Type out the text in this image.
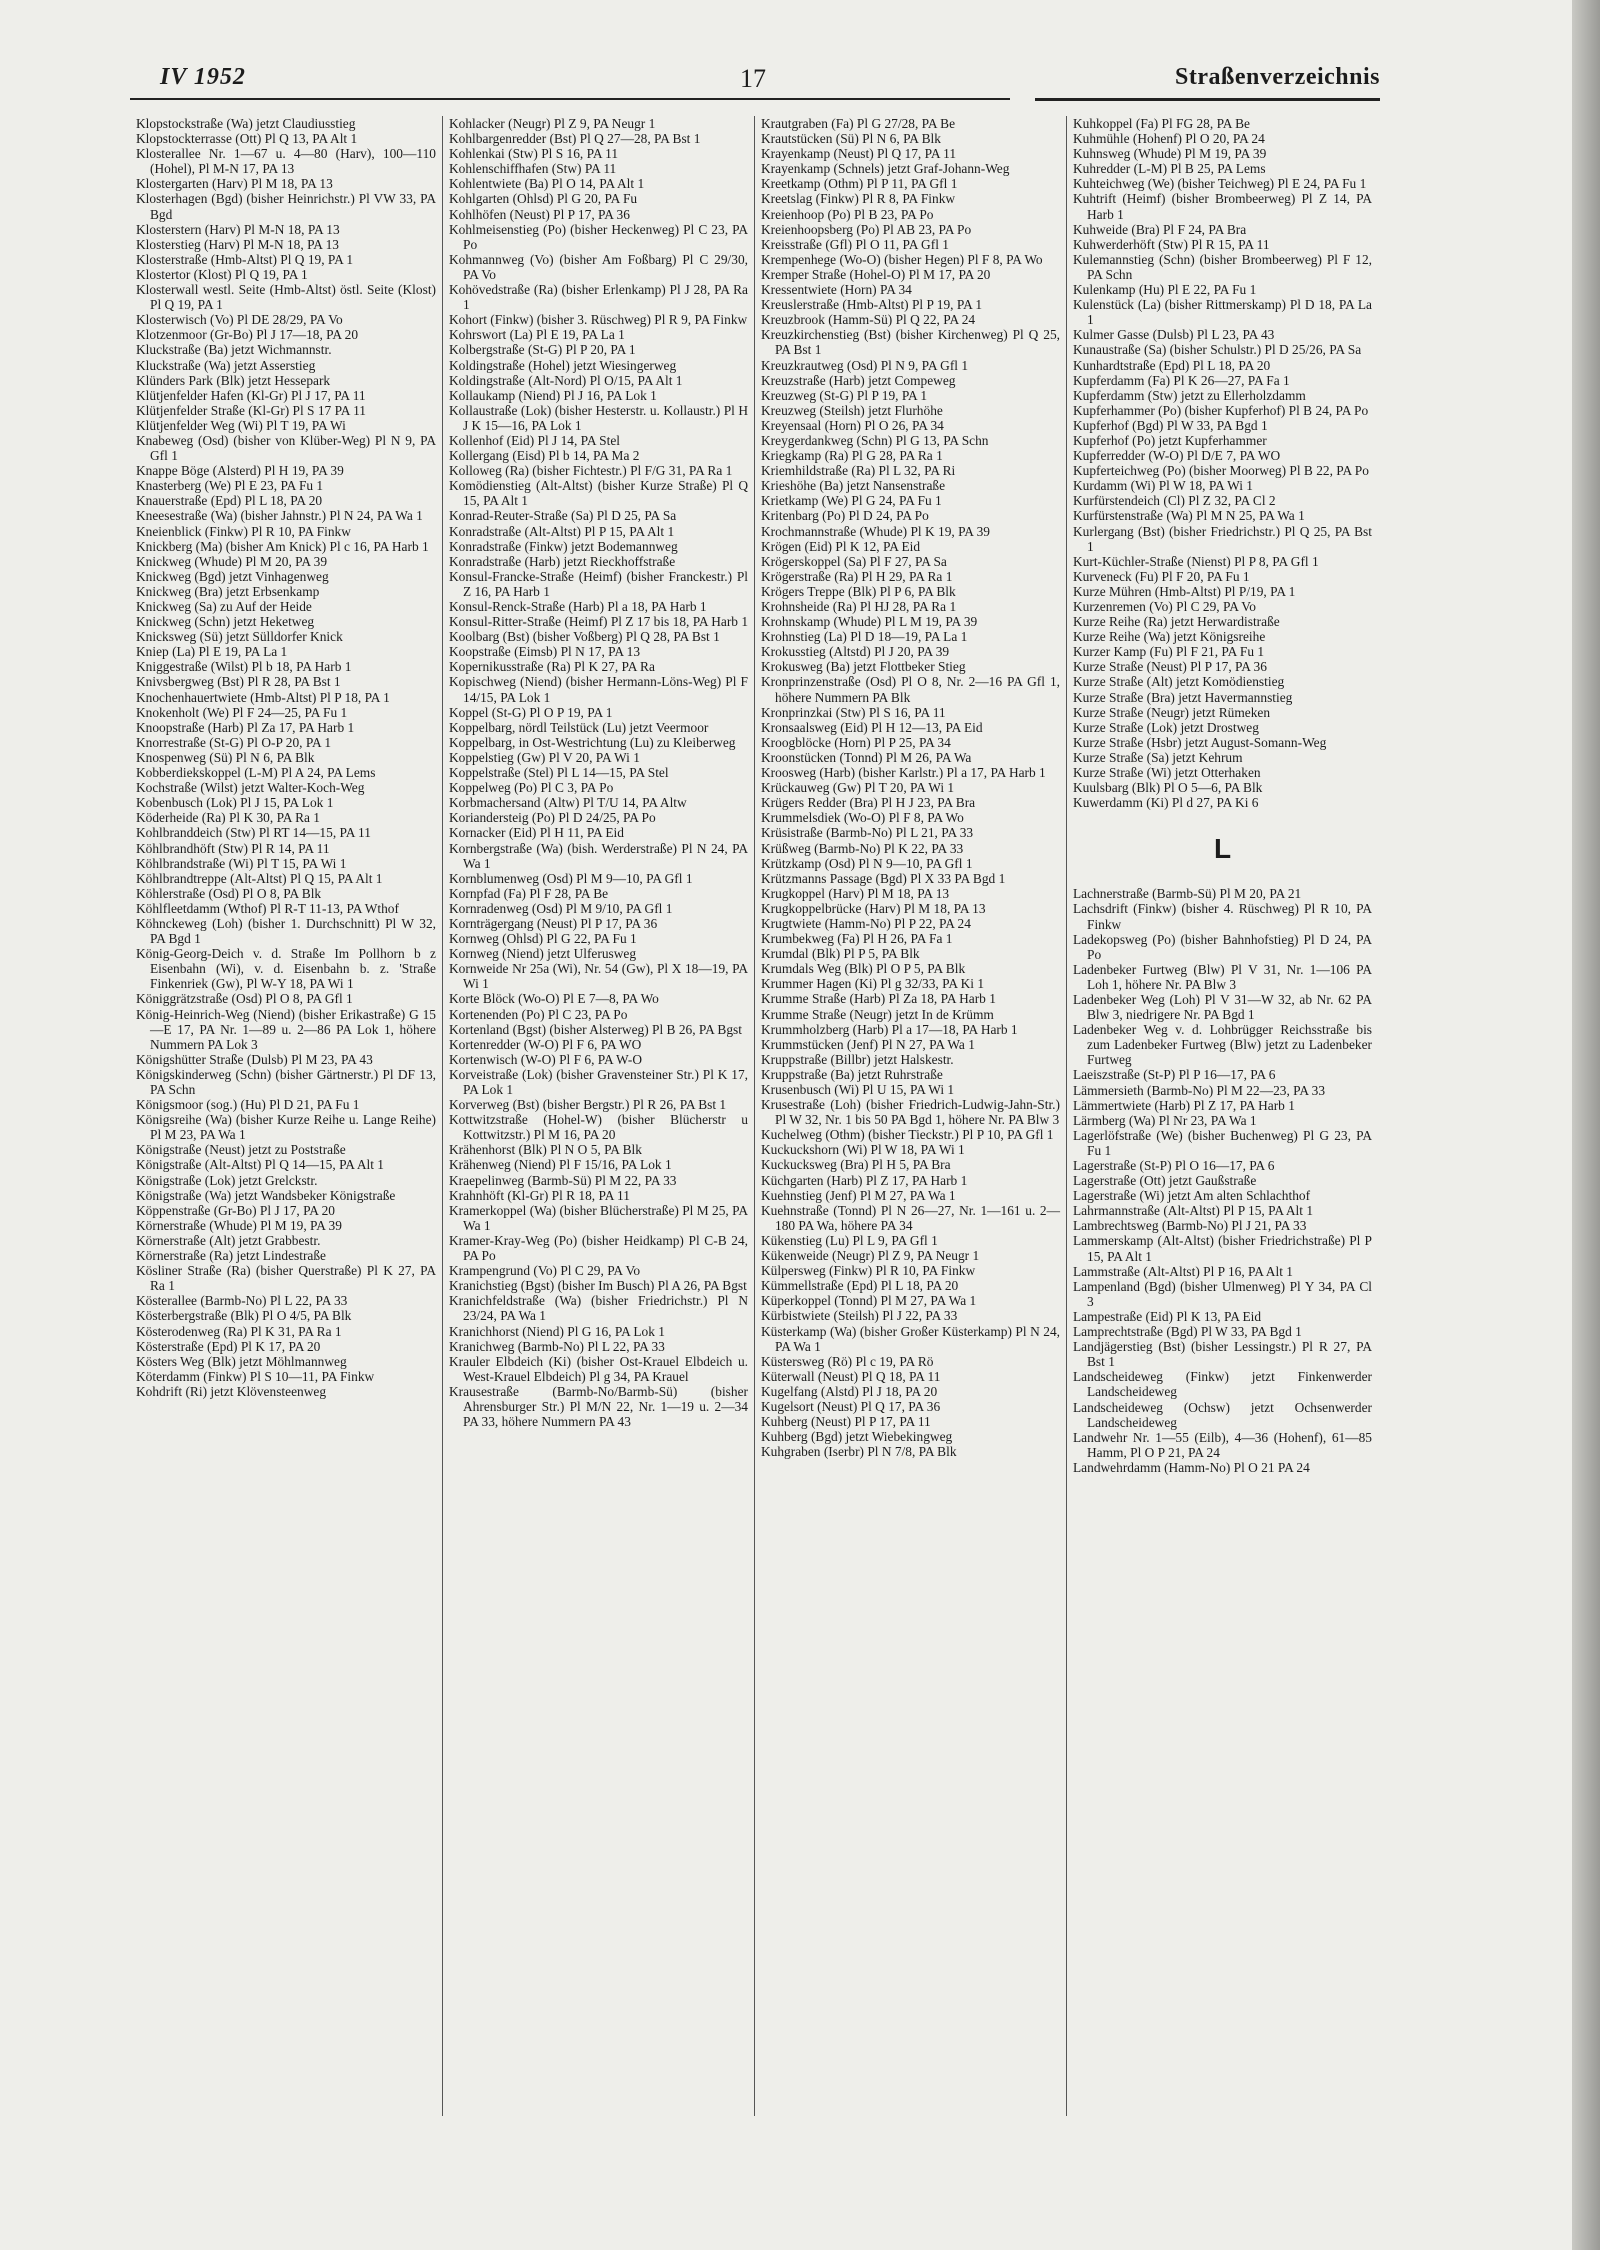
IV 1952	17	Straßenverzeichnis
Klopstockstraße (Wa) jetzt Claudiusstieg
Klopstockterrasse (Ott) Pl Q 13, PA Alt 1
Klosterallee Nr. 1—67 u. 4—80 (Harv), 100—110 (Hohel), Pl M-N 17, PA 13
Klostergarten (Harv) Pl M 18, PA 13
Klosterhagen (Bgd) (bisher Heinrichstr.) Pl VW 33, PA Bgd
Klosterstern (Harv) Pl M-N 18, PA 13
Klosterstieg (Harv) Pl M-N 18, PA 13
Klosterstraße (Hmb-Altst) Pl Q 19, PA 1
Klostertor (Klost) Pl Q 19, PA 1
Klosterwall westl. Seite (Hmb-Altst) östl. Seite (Klost) Pl Q 19, PA 1
Klosterwisch (Vo) Pl DE 28/29, PA Vo
Klotzenmoor (Gr-Bo) Pl J 17—18, PA 20
Kluckstraße (Ba) jetzt Wichmannstr.
Kluckstraße (Wa) jetzt Asserstieg
Klünders Park (Blk) jetzt Hessepark
Klütjenfelder Hafen (Kl-Gr) Pl J 17, PA 11
Klütjenfelder Straße (Kl-Gr) Pl S 17 PA 11
Klütjenfelder Weg (Wi) Pl T 19, PA Wi
Knabeweg (Osd) (bisher von Klüber-Weg) Pl N 9, PA Gfl 1
Knappe Böge (Alsterd) Pl H 19, PA 39
Knasterberg (We) Pl E 23, PA Fu 1
Knauerstraße (Epd) Pl L 18, PA 20
Kneesestraße (Wa) (bisher Jahnstr.) Pl N 24, PA Wa 1
Kneienblick (Finkw) Pl R 10, PA Finkw
Knickberg (Ma) (bisher Am Knick) Pl c 16, PA Harb 1
Knickweg (Whude) Pl M 20, PA 39
Knickweg (Bgd) jetzt Vinhagenweg
Knickweg (Bra) jetzt Erbsenkamp
Knickweg (Sa) zu Auf der Heide
Knickweg (Schn) jetzt Heketweg
Knicksweg (Sü) jetzt Sülldorfer Knick
Kniep (La) Pl E 19, PA La 1
Kniggestraße (Wilst) Pl b 18, PA Harb 1
Knivsbergweg (Bst) Pl R 28, PA Bst 1
Knochenhauertwiete (Hmb-Altst) Pl P 18, PA 1
Knokenholt (We) Pl F 24—25, PA Fu 1
Knoopstraße (Harb) Pl Za 17, PA Harb 1
Knorrestraße (St-G) Pl O-P 20, PA 1
Knospenweg (Sü) Pl N 6, PA Blk
Kobberdiekskoppel (L-M) Pl A 24, PA Lems
Kochstraße (Wilst) jetzt Walter-Koch-Weg
Kobenbusch (Lok) Pl J 15, PA Lok 1
Köderheide (Ra) Pl K 30, PA Ra 1
Kohlbranddeich (Stw) Pl RT 14—15, PA 11
Köhlbrandhöft (Stw) Pl R 14, PA 11
Köhlbrandstraße (Wi) Pl T 15, PA Wi 1
Köhlbrandtreppe (Alt-Altst) Pl Q 15, PA Alt 1
Köhlerstraße (Osd) Pl O 8, PA Blk
Köhlfleetdamm (Wthof) Pl R-T 11-13, PA Wthof
Köhnckeweg (Loh) (bisher 1. Durchschnitt) Pl W 32, PA Bgd 1
König-Georg-Deich v. d. Straße Im Pollhorn b z Eisenbahn (Wi), v. d. Eisenbahn b. z. 'Straße Finkenriek (Gw), Pl W-Y 18, PA Wi 1
Königgrätzstraße (Osd) Pl O 8, PA Gfl 1
König-Heinrich-Weg (Niend) (bisher Erikastraße) G 15—E 17, PA Nr. 1—89 u. 2—86 PA Lok 1, höhere Nummern PA Lok 3
Königshütter Straße (Dulsb) Pl M 23, PA 43
Königskinderweg (Schn) (bisher Gärtnerstr.) Pl DF 13, PA Schn
Königsmoor (sog.) (Hu) Pl D 21, PA Fu 1
Königsreihe (Wa) (bisher Kurze Reihe u. Lange Reihe) Pl M 23, PA Wa 1
Königstraße (Neust) jetzt zu Poststraße
Königstraße (Alt-Altst) Pl Q 14—15, PA Alt 1
Königstraße (Lok) jetzt Grelckstr.
Königstraße (Wa) jetzt Wandsbeker Königstraße
Köppenstraße (Gr-Bo) Pl J 17, PA 20
Körnerstraße (Whude) Pl M 19, PA 39
Körnerstraße (Alt) jetzt Grabbestr.
Körnerstraße (Ra) jetzt Lindestraße
Kösliner Straße (Ra) (bisher Querstraße) Pl K 27, PA Ra 1
Kösterallee (Barmb-No) Pl L 22, PA 33
Kösterbergstraße (Blk) Pl O 4/5, PA Blk
Kösterodenweg (Ra) Pl K 31, PA Ra 1
Kösterstraße (Epd) Pl K 17, PA 20
Kösters Weg (Blk) jetzt Möhlmannweg
Köterdamm (Finkw) Pl S 10—11, PA Finkw
Kohdrift (Ri) jetzt Klövensteenweg
Kohlacker (Neugr) Pl Z 9, PA Neugr 1
Kohlbargenredder (Bst) Pl Q 27—28, PA Bst 1
Kohlenkai (Stw) Pl S 16, PA 11
Kohlenschiffhafen (Stw) PA 11
Kohlentwiete (Ba) Pl O 14, PA Alt 1
Kohlgarten (Ohlsd) Pl G 20, PA Fu
Kohlhöfen (Neust) Pl P 17, PA 36
Kohlmeisenstieg (Po) (bisher Heckenweg) Pl C 23, PA Po
Kohmannweg (Vo) (bisher Am Foßbarg) Pl C 29/30, PA Vo
Kohövedstraße (Ra) (bisher Erlenkamp) Pl J 28, PA Ra 1
Kohort (Finkw) (bisher 3. Rüschweg) Pl R 9, PA Finkw
Kohrswort (La) Pl E 19, PA La 1
Kolbergstraße (St-G) Pl P 20, PA 1
Koldingstraße (Hohel) jetzt Wiesingerweg
Koldingstraße (Alt-Nord) Pl O/15, PA Alt 1
Kollaukamp (Niend) Pl J 16, PA Lok 1
Kollaustraße (Lok) (bisher Hesterstr. u. Kollaustr.) Pl H J K 15—16, PA Lok 1
Kollenhof (Eid) Pl J 14, PA Stel
Kollergang (Eisd) Pl b 14, PA Ma 2
Kolloweg (Ra) (bisher Fichtestr.) Pl F/G 31, PA Ra 1
Komödienstieg (Alt-Altst) (bisher Kurze Straße) Pl Q 15, PA Alt 1
Konrad-Reuter-Straße (Sa) Pl D 25, PA Sa
Konradstraße (Alt-Altst) Pl P 15, PA Alt 1
Konradstraße (Finkw) jetzt Bodemannweg
Konradstraße (Harb) jetzt Rieckhoffstraße
Konsul-Francke-Straße (Heimf) (bisher Franckestr.) Pl Z 16, PA Harb 1
Konsul-Renck-Straße (Harb) Pl a 18, PA Harb 1
Konsul-Ritter-Straße (Heimf) Pl Z 17 bis 18, PA Harb 1
Koolbarg (Bst) (bisher Voßberg) Pl Q 28, PA Bst 1
Koopstraße (Eimsb) Pl N 17, PA 13
Kopernikusstraße (Ra) Pl K 27, PA Ra
Kopischweg (Niend) (bisher Hermann-Löns-Weg) Pl F 14/15, PA Lok 1
Koppel (St-G) Pl O P 19, PA 1
Koppelbarg, nördl Teilstück (Lu) jetzt Veermoor
Koppelbarg, in Ost-Westrichtung (Lu) zu Kleiberweg
Koppelstieg (Gw) Pl V 20, PA Wi 1
Koppelstraße (Stel) Pl L 14—15, PA Stel
Koppelweg (Po) Pl C 3, PA Po
Korbmachersand (Altw) Pl T/U 14, PA Altw
Koriandersteig (Po) Pl D 24/25, PA Po
Kornacker (Eid) Pl H 11, PA Eid
Kornbergstraße (Wa) (bish. Werderstraße) Pl N 24, PA Wa 1
Kornblumenweg (Osd) Pl M 9—10, PA Gfl 1
Kornpfad (Fa) Pl F 28, PA Be
Kornradenweg (Osd) Pl M 9/10, PA Gfl 1
Kornträgergang (Neust) Pl P 17, PA 36
Kornweg (Ohlsd) Pl G 22, PA Fu 1
Kornweg (Niend) jetzt Ulferusweg
Kornweide Nr 25a (Wi), Nr. 54 (Gw), Pl X 18—19, PA Wi 1
Korte Blöck (Wo-O) Pl E 7—8, PA Wo
Kortenenden (Po) Pl C 23, PA Po
Kortenland (Bgst) (bisher Alsterweg) Pl B 26, PA Bgst
Kortenredder (W-O) Pl F 6, PA WO
Kortenwisch (W-O) Pl F 6, PA W-O
Korveistraße (Lok) (bisher Gravensteiner Str.) Pl K 17, PA Lok 1
Korverweg (Bst) (bisher Bergstr.) Pl R 26, PA Bst 1
Kottwitzstraße (Hohel-W) (bisher Blücherstr u Kottwitzstr.) Pl M 16, PA 20
Krähenhorst (Blk) Pl N O 5, PA Blk
Krähenweg (Niend) Pl F 15/16, PA Lok 1
Kraepelinweg (Barmb-Sü) Pl M 22, PA 33
Krahnhöft (Kl-Gr) Pl R 18, PA 11
Kramerkoppel (Wa) (bisher Blücherstraße) Pl M 25, PA Wa 1
Kramer-Kray-Weg (Po) (bisher Heidkamp) Pl C-B 24, PA Po
Krampengrund (Vo) Pl C 29, PA Vo
Kranichstieg (Bgst) (bisher Im Busch) Pl A 26, PA Bgst
Kranichfeldstraße (Wa) (bisher Friedrichstr.) Pl N 23/24, PA Wa 1
Kranichhorst (Niend) Pl G 16, PA Lok 1
Kranichweg (Barmb-No) Pl L 22, PA 33
Krauler Elbdeich (Ki) (bisher Ost-Krauel Elbdeich u. West-Krauel Elbdeich) Pl g 34, PA Krauel
Krausestraße (Barmb-No/Barmb-Sü) (bisher Ahrensburger Str.) Pl M/N 22, Nr. 1—19 u. 2—34 PA 33, höhere Nummern PA 43
Krautgraben (Fa) Pl G 27/28, PA Be
Krautstücken (Sü) Pl N 6, PA Blk
Krayenkamp (Neust) Pl Q 17, PA 11
Krayenkamp (Schnels) jetzt Graf-Johann-Weg
Kreetkamp (Othm) Pl P 11, PA Gfl 1
Kreetslag (Finkw) Pl R 8, PA Finkw
Kreienhoop (Po) Pl B 23, PA Po
Kreienhoopsberg (Po) Pl AB 23, PA Po
Kreisstraße (Gfl) Pl O 11, PA Gfl 1
Krempenhege (Wo-O) (bisher Hegen) Pl F 8, PA Wo
Kremper Straße (Hohel-O) Pl M 17, PA 20
Kressentwiete (Horn) PA 34
Kreuslerstraße (Hmb-Altst) Pl P 19, PA 1
Kreuzbrook (Hamm-Sü) Pl Q 22, PA 24
Kreuzkirchenstieg (Bst) (bisher Kirchenweg) Pl Q 25, PA Bst 1
Kreuzkrautweg (Osd) Pl N 9, PA Gfl 1
Kreuzstraße (Harb) jetzt Compeweg
Kreuzweg (St-G) Pl P 19, PA 1
Kreuzweg (Steilsh) jetzt Flurhöhe
Kreyensaal (Horn) Pl O 26, PA 34
Kreygerdankweg (Schn) Pl G 13, PA Schn
Kriegkamp (Ra) Pl G 28, PA Ra 1
Kriemhildstraße (Ra) Pl L 32, PA Ri
Krieshöhe (Ba) jetzt Nansenstraße
Krietkamp (We) Pl G 24, PA Fu 1
Kritenbarg (Po) Pl D 24, PA Po
Krochmannstraße (Whude) Pl K 19, PA 39
Krögen (Eid) Pl K 12, PA Eid
Krögerskoppel (Sa) Pl F 27, PA Sa
Krögerstraße (Ra) Pl H 29, PA Ra 1
Krögers Treppe (Blk) Pl P 6, PA Blk
Krohnsheide (Ra) Pl HJ 28, PA Ra 1
Krohnskamp (Whude) Pl L M 19, PA 39
Krohnstieg (La) Pl D 18—19, PA La 1
Krokusstieg (Altstd) Pl J 20, PA 39
Krokusweg (Ba) jetzt Flottbeker Stieg
Kronprinzenstraße (Osd) Pl O 8, Nr. 2—16 PA Gfl 1, höhere Nummern PA Blk
Kronprinzkai (Stw) Pl S 16, PA 11
Kronsaalsweg (Eid) Pl H 12—13, PA Eid
Kroogblöcke (Horn) Pl P 25, PA 34
Kroonstücken (Tonnd) Pl M 26, PA Wa
Kroosweg (Harb) (bisher Karlstr.) Pl a 17, PA Harb 1
Krückauweg (Gw) Pl T 20, PA Wi 1
Krügers Redder (Bra) Pl H J 23, PA Bra
Krummelsdiek (Wo-O) Pl F 8, PA Wo
Krüsistraße (Barmb-No) Pl L 21, PA 33
Krüßweg (Barmb-No) Pl K 22, PA 33
Krützkamp (Osd) Pl N 9—10, PA Gfl 1
Krützmanns Passage (Bgd) Pl X 33 PA Bgd 1
Krugkoppel (Harv) Pl M 18, PA 13
Krugkoppelbrücke (Harv) Pl M 18, PA 13
Krugtwiete (Hamm-No) Pl P 22, PA 24
Krumbekweg (Fa) Pl H 26, PA Fa 1
Krumdal (Blk) Pl P 5, PA Blk
Krumdals Weg (Blk) Pl O P 5, PA Blk
Krummer Hagen (Ki) Pl g 32/33, PA Ki 1
Krumme Straße (Harb) Pl Za 18, PA Harb 1
Krumme Straße (Neugr) jetzt In de Krümm
Krummholzberg (Harb) Pl a 17—18, PA Harb 1
Krummstücken (Jenf) Pl N 27, PA Wa 1
Kruppstraße (Billbr) jetzt Halskestr.
Kruppstraße (Ba) jetzt Ruhrstraße
Krusenbusch (Wi) Pl U 15, PA Wi 1
Krusestraße (Loh) (bisher Friedrich-Ludwig-Jahn-Str.) Pl W 32, Nr. 1 bis 50 PA Bgd 1, höhere Nr. PA Blw 3
Kuchelweg (Othm) (bisher Tieckstr.) Pl P 10, PA Gfl 1
Kuckuckshorn (Wi) Pl W 18, PA Wi 1
Kuckucksweg (Bra) Pl H 5, PA Bra
Küchgarten (Harb) Pl Z 17, PA Harb 1
Kuehnstieg (Jenf) Pl M 27, PA Wa 1
Kuehnstraße (Tonnd) Pl N 26—27, Nr. 1—161 u. 2—180 PA Wa, höhere PA 34
Kükenstieg (Lu) Pl L 9, PA Gfl 1
Kükenweide (Neugr) Pl Z 9, PA Neugr 1
Külpersweg (Finkw) Pl R 10, PA Finkw
Kümmellstraße (Epd) Pl L 18, PA 20
Küperkoppel (Tonnd) Pl M 27, PA Wa 1
Kürbistwiete (Steilsh) Pl J 22, PA 33
Küsterkamp (Wa) (bisher Großer Küsterkamp) Pl N 24, PA Wa 1
Küstersweg (Rö) Pl c 19, PA Rö
Küterwall (Neust) Pl Q 18, PA 11
Kugelfang (Alstd) Pl J 18, PA 20
Kugelsort (Neust) Pl Q 17, PA 36
Kuhberg (Neust) Pl P 17, PA 11
Kuhberg (Bgd) jetzt Wiebekingweg
Kuhgraben (Iserbr) Pl N 7/8, PA Blk
Kuhkoppel (Fa) Pl FG 28, PA Be
Kuhmühle (Hohenf) Pl O 20, PA 24
Kuhnsweg (Whude) Pl M 19, PA 39
Kuhredder (L-M) Pl B 25, PA Lems
Kuhteichweg (We) (bisher Teichweg) Pl E 24, PA Fu 1
Kuhtrift (Heimf) (bisher Brombeerweg) Pl Z 14, PA Harb 1
Kuhweide (Bra) Pl F 24, PA Bra
Kuhwerderhöft (Stw) Pl R 15, PA 11
Kulemannstieg (Schn) (bisher Brombeerweg) Pl F 12, PA Schn
Kulenkamp (Hu) Pl E 22, PA Fu 1
Kulenstück (La) (bisher Rittmerskamp) Pl D 18, PA La 1
Kulmer Gasse (Dulsb) Pl L 23, PA 43
Kunaustraße (Sa) (bisher Schulstr.) Pl D 25/26, PA Sa
Kunhardtstraße (Epd) Pl L 18, PA 20
Kupferdamm (Fa) Pl K 26—27, PA Fa 1
Kupferdamm (Stw) jetzt zu Ellerholzdamm
Kupferhammer (Po) (bisher Kupferhof) Pl B 24, PA Po
Kupferhof (Bgd) Pl W 33, PA Bgd 1
Kupferhof (Po) jetzt Kupferhammer
Kupferredder (W-O) Pl D/E 7, PA WO
Kupferteichweg (Po) (bisher Moorweg) Pl B 22, PA Po
Kurdamm (Wi) Pl W 18, PA Wi 1
Kurfürstendeich (Cl) Pl Z 32, PA Cl 2
Kurfürstenstraße (Wa) Pl M N 25, PA Wa 1
Kurlergang (Bst) (bisher Friedrichstr.) Pl Q 25, PA Bst 1
Kurt-Küchler-Straße (Nienst) Pl P 8, PA Gfl 1
Kurveneck (Fu) Pl F 20, PA Fu 1
Kurze Mühren (Hmb-Altst) Pl P/19, PA 1
Kurzenremen (Vo) Pl C 29, PA Vo
Kurze Reihe (Ra) jetzt Herwardistraße
Kurze Reihe (Wa) jetzt Königsreihe
Kurzer Kamp (Fu) Pl F 21, PA Fu 1
Kurze Straße (Neust) Pl P 17, PA 36
Kurze Straße (Alt) jetzt Komödienstieg
Kurze Straße (Bra) jetzt Havermannstieg
Kurze Straße (Neugr) jetzt Rümeken
Kurze Straße (Lok) jetzt Drostweg
Kurze Straße (Hsbr) jetzt August-Somann-Weg
Kurze Straße (Sa) jetzt Kehrum
Kurze Straße (Wi) jetzt Otterhaken
Kuulsbarg (Blk) Pl O 5—6, PA Blk
Kuwerdamm (Ki) Pl d 27, PA Ki 6
L
Lachnerstraße (Barmb-Sü) Pl M 20, PA 21
Lachsdrift (Finkw) (bisher 4. Rüschweg) Pl R 10, PA Finkw
Ladekopsweg (Po) (bisher Bahnhofstieg) Pl D 24, PA Po
Ladenbeker Furtweg (Blw) Pl V 31, Nr. 1—106 PA Loh 1, höhere Nr. PA Blw 3
Ladenbeker Weg (Loh) Pl V 31—W 32, ab Nr. 62 PA Blw 3, niedrigere Nr. PA Bgd 1
Ladenbeker Weg v. d. Lohbrügger Reichsstraße bis zum Ladenbeker Furtweg (Blw) jetzt zu Ladenbeker Furtweg
Laeiszstraße (St-P) Pl P 16—17, PA 6
Lämmersieth (Barmb-No) Pl M 22—23, PA 33
Lämmertwiete (Harb) Pl Z 17, PA Harb 1
Lärmberg (Wa) Pl Nr 23, PA Wa 1
Lagerlöfstraße (We) (bisher Buchenweg) Pl G 23, PA Fu 1
Lagerstraße (St-P) Pl O 16—17, PA 6
Lagerstraße (Ott) jetzt Gaußstraße
Lagerstraße (Wi) jetzt Am alten Schlachthof
Lahrmannstraße (Alt-Altst) Pl P 15, PA Alt 1
Lambrechtsweg (Barmb-No) Pl J 21, PA 33
Lammerskamp (Alt-Altst) (bisher Friedrichstraße) Pl P 15, PA Alt 1
Lammstraße (Alt-Altst) Pl P 16, PA Alt 1
Lampenland (Bgd) (bisher Ulmenweg) Pl Y 34, PA Cl 3
Lampestraße (Eid) Pl K 13, PA Eid
Lamprechtstraße (Bgd) Pl W 33, PA Bgd 1
Landjägerstieg (Bst) (bisher Lessingstr.) Pl R 27, PA Bst 1
Landscheideweg (Finkw) jetzt Finkenwerder Landscheideweg
Landscheideweg (Ochsw) jetzt Ochsenwerder Landscheideweg
Landwehr Nr. 1—55 (Eilb), 4—36 (Hohenf), 61—85 Hamm, Pl O P 21, PA 24
Landwehrdamm (Hamm-No) Pl O 21 PA 24
